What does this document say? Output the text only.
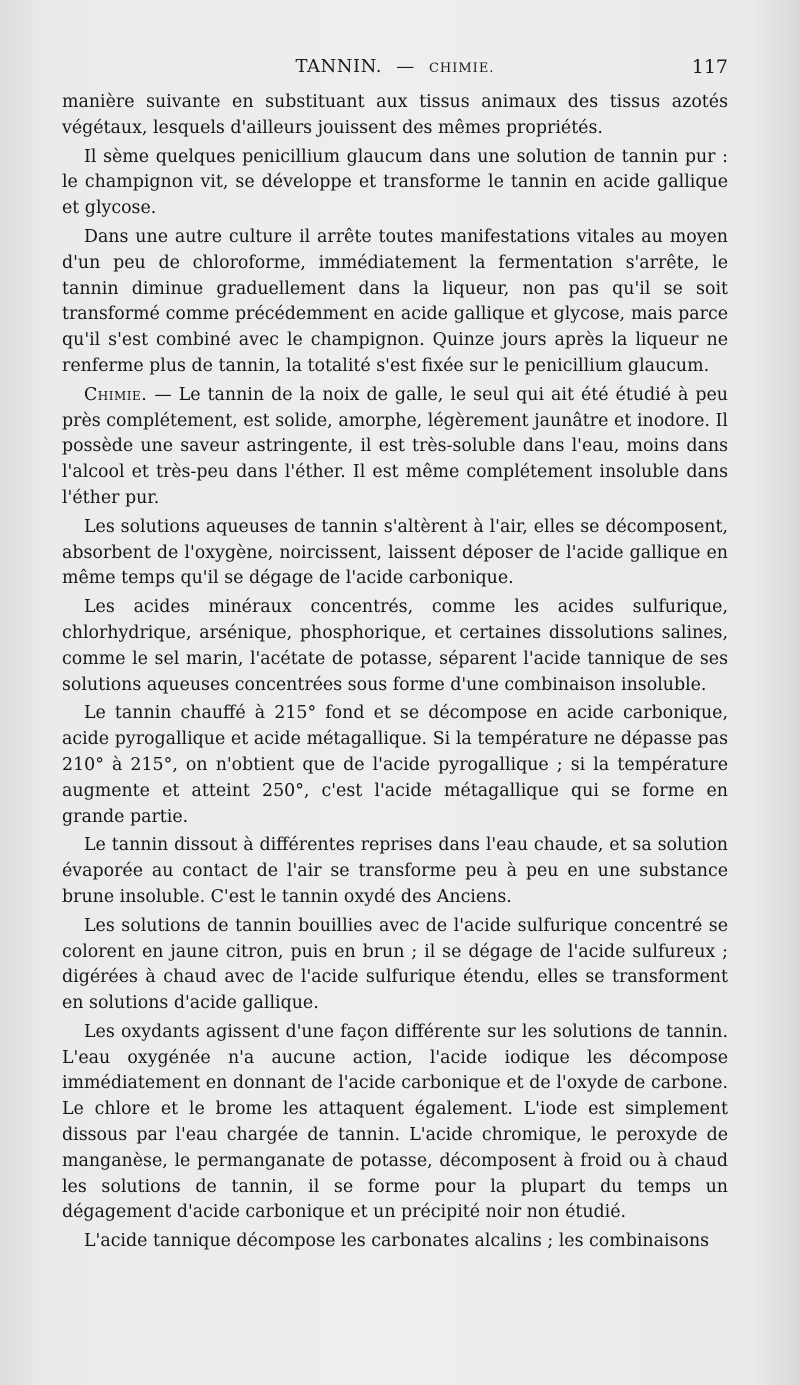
TANNIN. — CHIMIE.	117

manière suivante en substituant aux tissus animaux des tissus azotés végétaux, lesquels d'ailleurs jouissent des mêmes propriétés.

Il sème quelques penicillium glaucum dans une solution de tannin pur : le champignon vit, se développe et transforme le tannin en acide gallique et glycose.

Dans une autre culture il arrête toutes manifestations vitales au moyen d'un peu de chloroforme, immédiatement la fermentation s'arrête, le tannin diminue graduellement dans la liqueur, non pas qu'il se soit transformé comme précédemment en acide gallique et glycose, mais parce qu'il s'est combiné avec le champignon. Quinze jours après la liqueur ne renferme plus de tannin, la totalité s'est fixée sur le penicillium glaucum.

Chimie. — Le tannin de la noix de galle, le seul qui ait été étudié à peu près complétement, est solide, amorphe, légèrement jaunâtre et inodore. Il possède une saveur astringente, il est très-soluble dans l'eau, moins dans l'alcool et très-peu dans l'éther. Il est même complétement insoluble dans l'éther pur.

Les solutions aqueuses de tannin s'altèrent à l'air, elles se décomposent, absorbent de l'oxygène, noircissent, laissent déposer de l'acide gallique en même temps qu'il se dégage de l'acide carbonique.

Les acides minéraux concentrés, comme les acides sulfurique, chlorhydrique, arsénique, phosphorique, et certaines dissolutions salines, comme le sel marin, l'acétate de potasse, séparent l'acide tannique de ses solutions aqueuses concentrées sous forme d'une combinaison insoluble.

Le tannin chauffé à 215° fond et se décompose en acide carbonique, acide pyrogallique et acide métagallique. Si la température ne dépasse pas 210° à 215°, on n'obtient que de l'acide pyrogallique ; si la température augmente et atteint 250°, c'est l'acide métagallique qui se forme en grande partie.

Le tannin dissout à différentes reprises dans l'eau chaude, et sa solution évaporée au contact de l'air se transforme peu à peu en une substance brune insoluble. C'est le tannin oxydé des Anciens.

Les solutions de tannin bouillies avec de l'acide sulfurique concentré se colorent en jaune citron, puis en brun ; il se dégage de l'acide sulfureux ; digérées à chaud avec de l'acide sulfurique étendu, elles se transforment en solutions d'acide gallique.

Les oxydants agissent d'une façon différente sur les solutions de tannin. L'eau oxygénée n'a aucune action, l'acide iodique les décompose immédiatement en donnant de l'acide carbonique et de l'oxyde de carbone. Le chlore et le brome les attaquent également. L'iode est simplement dissous par l'eau chargée de tannin. L'acide chromique, le peroxyde de manganèse, le permanganate de potasse, décomposent à froid ou à chaud les solutions de tannin, il se forme pour la plupart du temps un dégagement d'acide carbonique et un précipité noir non étudié.

L'acide tannique décompose les carbonates alcalins ; les combinaisons
